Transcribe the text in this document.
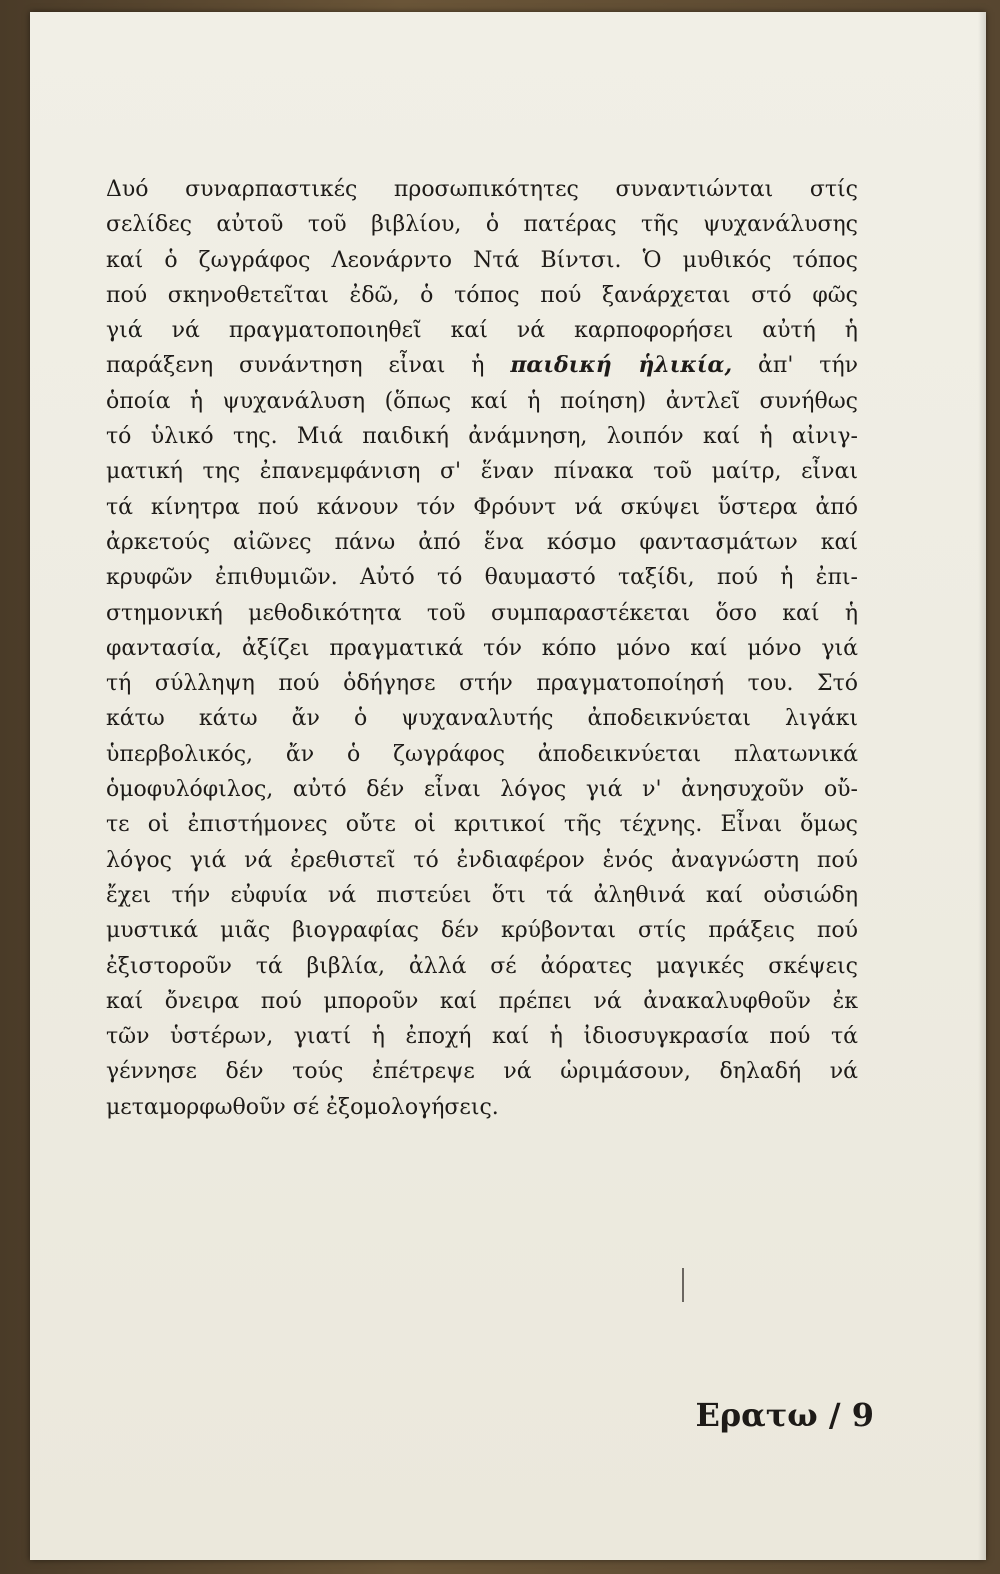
Δυό συναρπαστικές προσωπικότητες συναντιώνται στίς
σελίδες αὐτοῦ τοῦ βιβλίου, ὁ πατέρας τῆς ψυχανάλυσης
καί ὁ ζωγράφος Λεονάρντο Ντά Βίντσι. Ὁ μυθικός τόπος
πού σκηνοθετεῖται ἐδῶ, ὁ τόπος πού ξανάρχεται στό φῶς
γιά νά πραγματοποιηθεῖ καί νά καρποφορήσει αὐτή ἡ
παράξενη συνάντηση εἶναι ἡ παιδική ἡλικία, ἀπ' τήν
ὁποία ἡ ψυχανάλυση (ὅπως καί ἡ ποίηση) ἀντλεῖ συνήθως
τό ὑλικό της. Μιά παιδική ἀνάμνηση, λοιπόν καί ἡ αἰνιγ-
ματική της ἐπανεμφάνιση σ' ἕναν πίνακα τοῦ μαίτρ, εἶναι
τά κίνητρα πού κάνουν τόν Φρόυντ νά σκύψει ὕστερα ἀπό
ἀρκετούς αἰῶνες πάνω ἀπό ἕνα κόσμο φαντασμάτων καί
κρυφῶν ἐπιθυμιῶν. Αὐτό τό θαυμαστό ταξίδι, πού ἡ ἐπι-
στημονική μεθοδικότητα τοῦ συμπαραστέκεται ὅσο καί ἡ
φαντασία, ἀξίζει πραγματικά τόν κόπο μόνο καί μόνο γιά
τή σύλληψη πού ὁδήγησε στήν πραγματοποίησή του. Στό
κάτω κάτω ἄν ὁ ψυχαναλυτής ἀποδεικνύεται λιγάκι
ὑπερβολικός, ἄν ὁ ζωγράφος ἀποδεικνύεται πλατωνικά
ὁμοφυλόφιλος, αὐτό δέν εἶναι λόγος γιά ν' ἀνησυχοῦν οὔ-
τε οἱ ἐπιστήμονες οὔτε οἱ κριτικοί τῆς τέχνης. Εἶναι ὅμως
λόγος γιά νά ἐρεθιστεῖ τό ἐνδιαφέρον ἑνός ἀναγνώστη πού
ἔχει τήν εὐφυία νά πιστεύει ὅτι τά ἀληθινά καί οὐσιώδη
μυστικά μιᾶς βιογραφίας δέν κρύβονται στίς πράξεις πού
ἐξιστοροῦν τά βιβλία, ἀλλά σέ ἀόρατες μαγικές σκέψεις
καί ὄνειρα πού μποροῦν καί πρέπει νά ἀνακαλυφθοῦν ἐκ
τῶν ὑστέρων, γιατί ἡ ἐποχή καί ἡ ἰδιοσυγκρασία πού τά
γέννησε δέν τούς ἐπέτρεψε νά ὡριμάσουν, δηλαδή νά
μεταμορφωθοῦν σέ ἐξομολογήσεις.
Ερατω / 9
